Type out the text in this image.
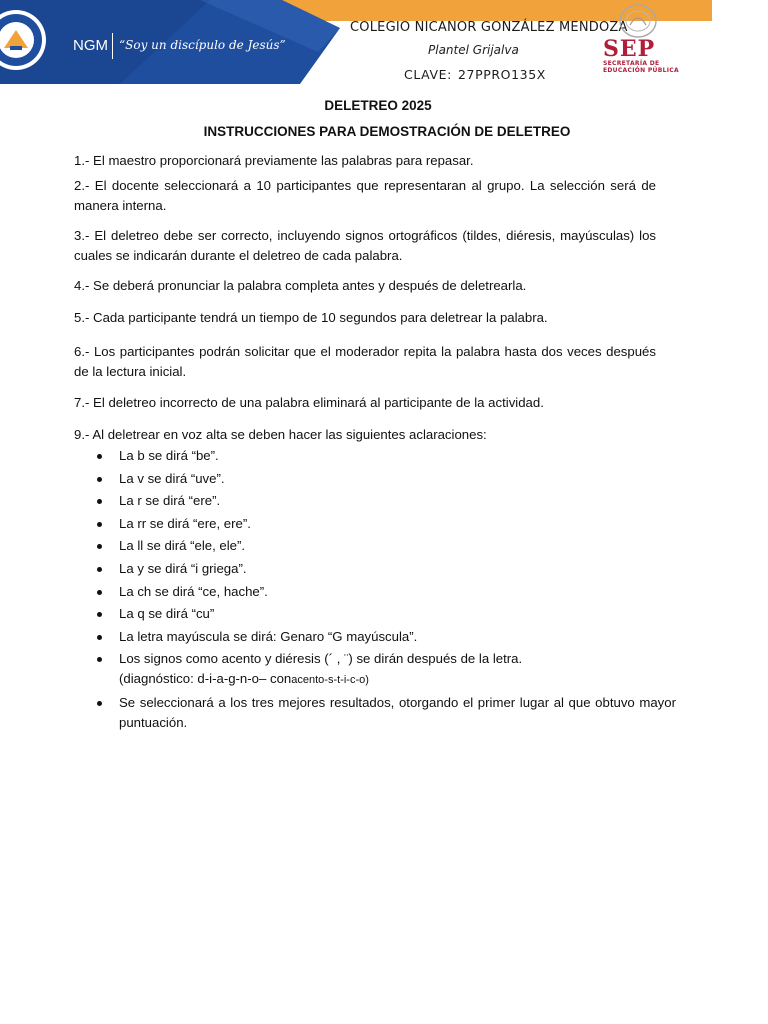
NGM “Soy un discípulo de Jesús”
COLEGIO NICANOR GONZÁLEZ MENDOZA
Plantel Grijalva
CLAVE: 27PPRO135X
SEP
SECRETARÍA DE
EDUCACIÓN PÚBLICA
DELETREO 2025
INSTRUCCIONES PARA DEMOSTRACIÓN DE DELETREO

1.- El maestro proporcionará previamente las palabras para repasar.

2.- El docente seleccionará a 10 participantes que representaran al grupo. La selección será de manera interna.

3.- El deletreo debe ser correcto, incluyendo signos ortográficos (tildes, diéresis, mayúsculas) los cuales se indicarán durante el deletreo de cada palabra.

4.- Se deberá pronunciar la palabra completa antes y después de deletrearla.

5.- Cada participante tendrá un tiempo de 10 segundos para deletrear la palabra.

6.- Los participantes podrán solicitar que el moderador repita la palabra hasta dos veces después de la lectura inicial.

7.- El deletreo incorrecto de una palabra eliminará al participante de la actividad.

9.- Al deletrear en voz alta se deben hacer las siguientes aclaraciones:

La b se dirá “be”.
La v se dirá “uve”.
La r se dirá “ere”.
La rr se dirá “ere, ere”.
La ll se dirá “ele, ele”.
La y se dirá “i griega”.
La ch se dirá “ce, hache”.
La q se dirá “cu”
La letra mayúscula se dirá: Genaro “G mayúscula”.
Los signos como acento y diéresis (´ , ¨) se dirán después de la letra.
(diagnóstico: d-i-a-g-n-o– conacento-s-t-i-c-o)
Se seleccionará a los tres mejores resultados, otorgando el primer lugar al que obtuvo mayor puntuación.
